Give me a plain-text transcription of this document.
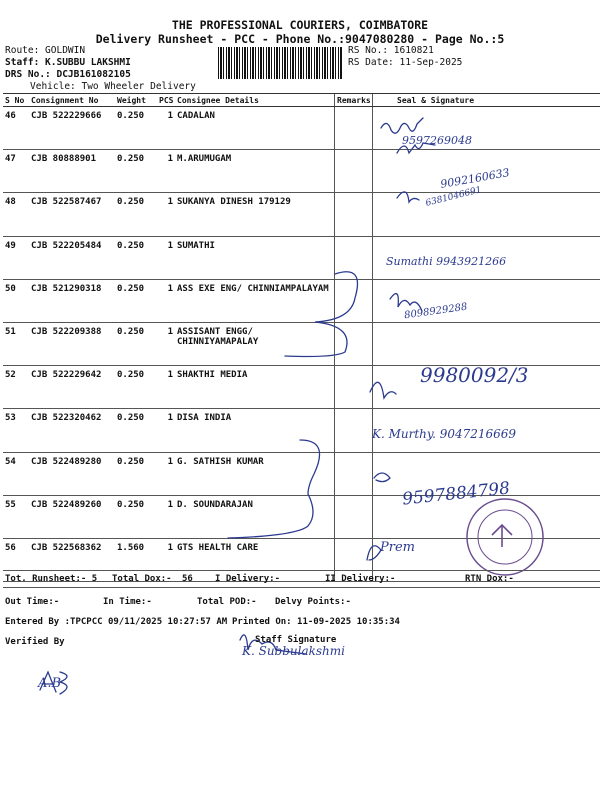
THE PROFESSIONAL COURIERS, COIMBATORE
Delivery Runsheet - PCC - Phone No.:9047080280 - Page No.:5
Route: GOLDWIN
Staff: K.SUBBU LAKSHMI
DRS No.: DCJB161082105
Vehicle: Two Wheeler Delivery
RS No.: 1610821
RS Date: 11-Sep-2025
S No	Consignment No	Weight	PCS	Consignee Details	Remarks	Seal & Signature
46	CJB 522229666	0.250	1	CADALAN		
47	CJB 80888901	0.250	1	M.ARUMUGAM		
48	CJB 522587467	0.250	1	SUKANYA DINESH 179129		
49	CJB 522205484	0.250	1	SUMATHI		
50	CJB 521290318	0.250	1	ASS EXE ENG/ CHINNIAMPALAYAM		
51	CJB 522209388	0.250	1	ASSISANT ENGG/ CHINNIYAMAPALAY		
52	CJB 522229642	0.250	1	SHAKTHI MEDIA		
53	CJB 522320462	0.250	1	DISA INDIA		
54	CJB 522489280	0.250	1	G. SATHISH KUMAR		
55	CJB 522489260	0.250	1	D. SOUNDARAJAN		
56	CJB 522568362	1.560	1	GTS HEALTH CARE		
9597269048
9092160633
6381046691
Sumathi 9943921266
8098929288
9980092/3
K. Murthy. 9047216669
9597884798
Prem
K. Subbulakshmi
A.B
Tot. Runsheet:- 5 Total Dox:- 56 I Delivery:-	II Delivery:-	RTN Dox:-
Out Time:-	In Time:-	Total POD:- Delvy Points:-
Entered By :TPCPCC 09/11/2025 10:27:57 AM Printed On: 11-09-2025 10:35:34
Verified By	Staff Signature
